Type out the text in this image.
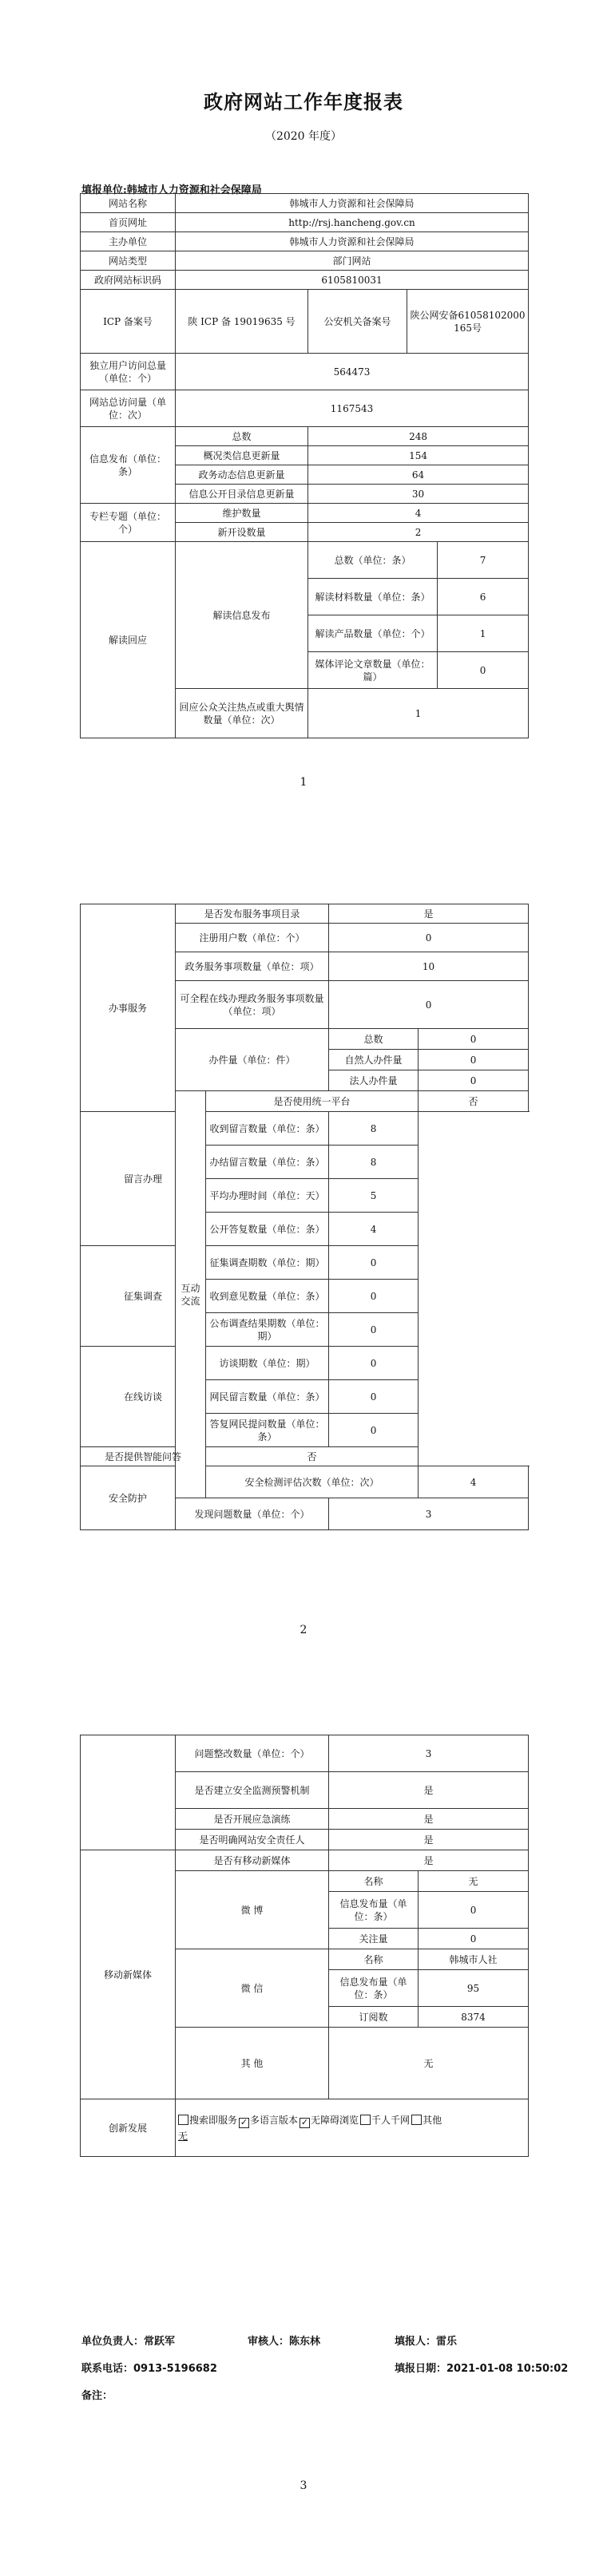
政府网站工作年度报表
（2020 年度）
填报单位:韩城市人力资源和社会保障局
网站名称	韩城市人力资源和社会保障局			
首页网址	http://rsj.hancheng.gov.cn			
主办单位	韩城市人力资源和社会保障局			
网站类型	部门网站			
政府网站标识码	6105810031			
ICP 备案号	陕 ICP 备 19019635 号	公安机关备案号	陕公网安备61058102000165号	
独立用户访问总量（单位：个）	564473			
网站总访问量（单位：次）	1167543			
信息发布（单位：条）	总数	248		
	概况类信息更新量	154		
	政务动态信息更新量	64		
	信息公开目录信息更新量	30		
专栏专题（单位：个）	维护数量	4		
	新开设数量	2		
解读回应	解读信息发布	总数（单位：条）		7
		解读材料数量（单位：条）		6
		解读产品数量（单位：个）		1
		媒体评论文章数量（单位：篇）		0
	回应公众关注热点或重大舆情数量（单位：次）	1		
1
办事服务	是否发布服务事项目录		是	
	注册用户数（单位：个）		0	
	政务服务事项数量（单位：项）		10	
	可全程在线办理政务服务事项数量（单位：项）		0	
	办件量（单位：件）		总数	0
			自然人办件量	0
			法人办件量	0
	互动交流	是否使用统一平台		否
留言办理		收到留言数量（单位：条）	8	
		办结留言数量（单位：条）	8	
		平均办理时间（单位：天）	5	
		公开答复数量（单位：条）	4	
征集调查		征集调查期数（单位：期）	0	
		收到意见数量（单位：条）	0	
		公布调查结果期数（单位：期）	0	
在线访谈		访谈期数（单位：期）	0	
		网民留言数量（单位：条）	0	
		答复网民提问数量（单位：条）	0	
是否提供智能问答		否		
安全防护		安全检测评估次数（单位：次）		4
	发现问题数量（单位：个）		3	
2
	问题整改数量（单位：个）	3	
	是否建立安全监测预警机制	是	
	是否开展应急演练	是	
	是否明确网站安全责任人	是	
移动新媒体	是否有移动新媒体	是	
	微 博	名称	无
		信息发布量（单位：条）	0
		关注量	0
	微 信	名称	韩城市人社
		信息发布量（单位：条）	95
		订阅数	8374
	其 他	无	
创新发展	搜索即服务 ✓ 多语言版本 ✓ 无障碍浏览 千人千网 其他
无		
单位负责人：常跃军	审核人：陈东林	填报人：雷乐
联系电话：0913-5196682	填报日期：2021-01-08 10:50:02
备注：
3
